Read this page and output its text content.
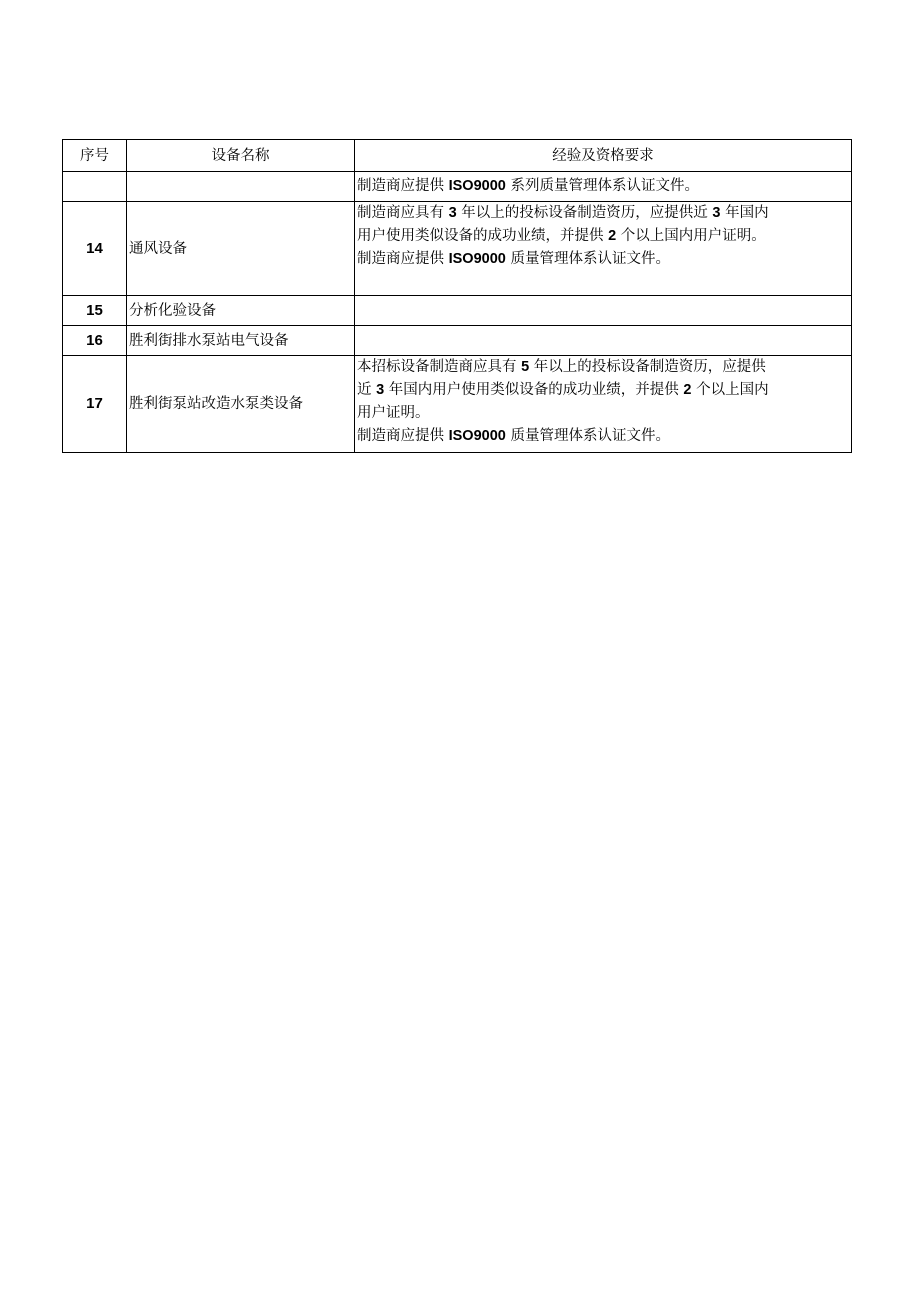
序号	设备名称	经验及资格要求

		制造商应提供 ISO9000 系列质量管理体系认证文件。

14	通风设备	制造商应具有 3 年以上的投标设备制造资历，应提供近 3 年国内
用户使用类似设备的成功业绩，并提供 2 个以上国内用户证明。
制造商应提供 ISO9000 质量管理体系认证文件。

15	分析化验设备	
16	胜利街排水泵站电气设备	
17	胜利街泵站改造水泵类设备	本招标设备制造商应具有 5 年以上的投标设备制造资历，应提供
近 3 年国内用户使用类似设备的成功业绩，并提供 2 个以上国内
用户证明。
制造商应提供 ISO9000 质量管理体系认证文件。
